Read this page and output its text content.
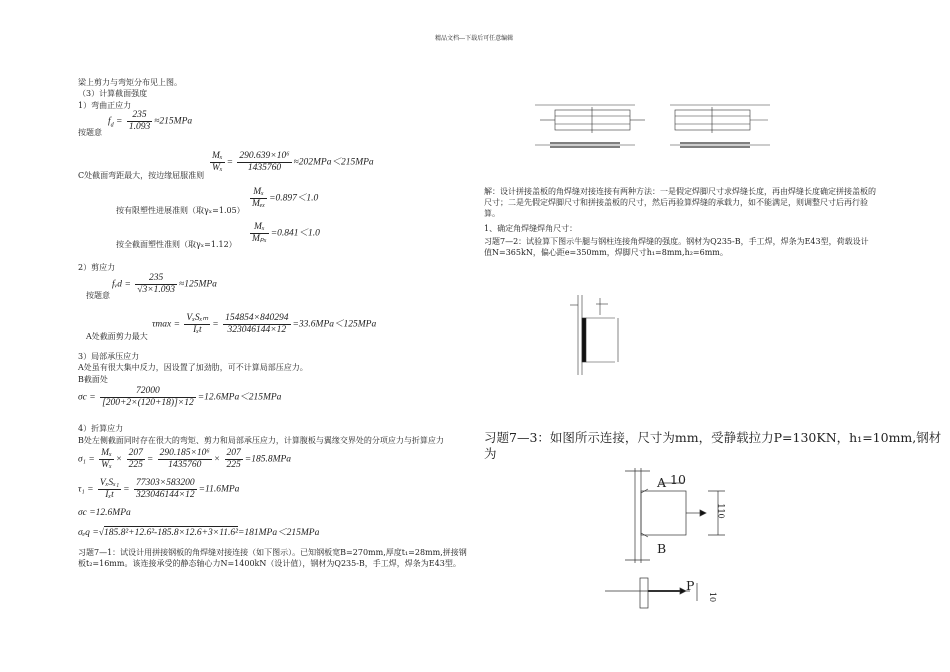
精品文档---下载后可任意编辑
梁上剪力与弯矩分布见上图。
（3）计算截面强度
1）弯曲正应力
按题意
$f_d = \frac{235}{1.093} \approx 215MPa$
C处截面弯距最大，按边缘屈服准则
$\frac{\text{Mₓ}}{\text{Wₓ}} = \frac{\text{290.639×10⁶}}{1435760} \approx 202MPa<215MPa$
按有限塑性进展准则（取γₓ=1.05）
$\frac{\text{Mₓ}}{\text{Mₑₓ}} =0.897<1.0$
按全截面塑性准则（取$\gamma_x=1.12) \frac{\text{Mₓ}}{\text{Mₚₓ}} =0.841<1.0$
2）剪应力
按题意
fᵥd = $\frac{235}{√3\times 1.093} \approx 125MPa$
A处截面剪力最大
$\tau\max = \frac{\text{VₓSₓₘ}}{\text{Iₓt}} = \frac{154854\times 840294}{323046144\times 12} =33.6MPa<125MPa$
3）局部承压应力
A处虽有很大集中反力，因设置了加劲肋，可不计算局部压应力。
B截面处
$\sigma c = \frac{72000}{[200+2\times(120+18)]\times 12} =12.6MPa<215MPa$
4）折算应力
B处左侧截面同时存在很大的弯矩、剪力和局部承压应力，计算腹板与翼缘交界处的分项应力与折算应力
$\sigma_1 = \frac{\text{Mₓ}}{\text{Wₓ}} \times \frac{207}{225} = \frac{\text{290.185×10⁶}}{1435760} \times \frac{207}{225} =185.8MPa$
$\tau_1 = \frac{\text{VₓSₓ₁}}{\text{Iₓt}} = \frac{77303\times 583200}{323046144\times 12} =11.6MPa$
σc =12.6MPa
σₑq =√185.8²+12.6²-185.8×12.6+3×11.6²=181MPa＜215MPa
习题7—1：试设计用拼接钢板的角焊缝对接连接（如下图示）。已知钢板宽B=270mm,厚度t₁=28mm,拼接钢板t₂=16mm。该连接承受的静态轴心力N=1400kN（设计值），钢材为Q235-B，手工焊，焊条为E43型。
解：设计拼接盖板的角焊缝对接连接有两种方法：一是假定焊脚尺寸求焊缝长度，再由焊缝长度确定拼接盖板的尺寸；二是先假定焊脚尺寸和拼接盖板的尺寸，然后再验算焊缝的承载力，如不能满足，则调整尺寸后再行验算。
1、确定角焊缝焊角尺寸：
习题7—2：试验算下图示牛腿与钢柱连接角焊缝的强度。钢材为Q235-B，手工焊，焊条为E43型，荷载设计值N=365kN，偏心距e=350mm，焊脚尺寸h₁=8mm,h₂=6mm。
习题7—3：如图所示连接，尺寸为mm，受静载拉力P=130KN，h₁=10mm,钢材为
A
B
10
110
P
10
